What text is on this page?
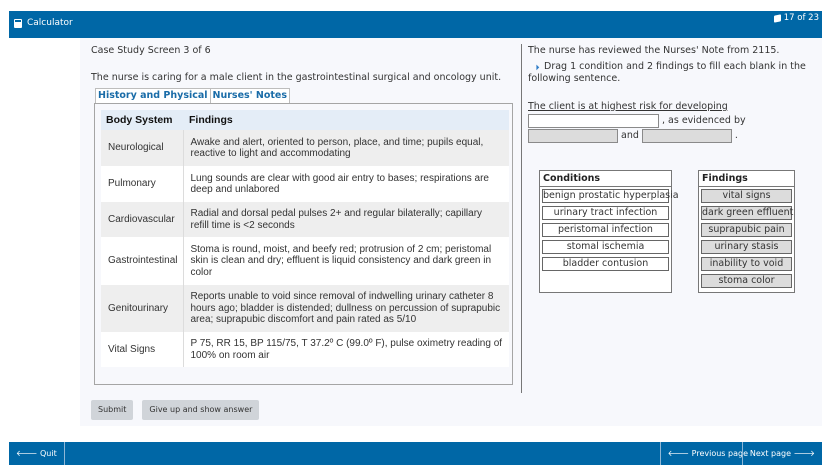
Calculator	17 of 23
Case Study Screen 3 of 6
The nurse is caring for a male client in the gastrointestinal surgical and oncology unit.
History and Physical Nurses' Notes
Body System	Findings
Neurological	Awake and alert, oriented to person, place, and time; pupils equal, reactive to light and accommodating
Pulmonary	Lung sounds are clear with good air entry to bases; respirations are deep and unlabored
Cardiovascular	Radial and dorsal pedal pulses 2+ and regular bilaterally; capillary refill time is <2 seconds
Gastrointestinal	Stoma is round, moist, and beefy red; protrusion of 2 cm; peristomal skin is clean and dry; effluent is liquid consistency and dark green in color
Genitourinary	Reports unable to void since removal of indwelling urinary catheter 8 hours ago; bladder is distended; dullness on percussion of suprapubic area; suprapubic discomfort and pain rated as 5/10
Vital Signs	P 75, RR 15, BP 115/75, T 37.2º C (99.0º F), pulse oximetry reading of 100% on room air
Submit	Give up and show answer
The nurse has reviewed the Nurses' Note from 2115.
Drag 1 condition and 2 findings to fill each blank in the following sentence.
The client is at highest risk for developing
, as evidenced by
and	.
Conditions
benign prostatic hyperplasia
urinary tract infection
peristomal infection
stomal ischemia
bladder contusion
Findings
vital signs
dark green effluent
suprapubic pain
urinary stasis
inability to void
stoma color
🡐 Quit	🡐 Previous page Next page 🡒
